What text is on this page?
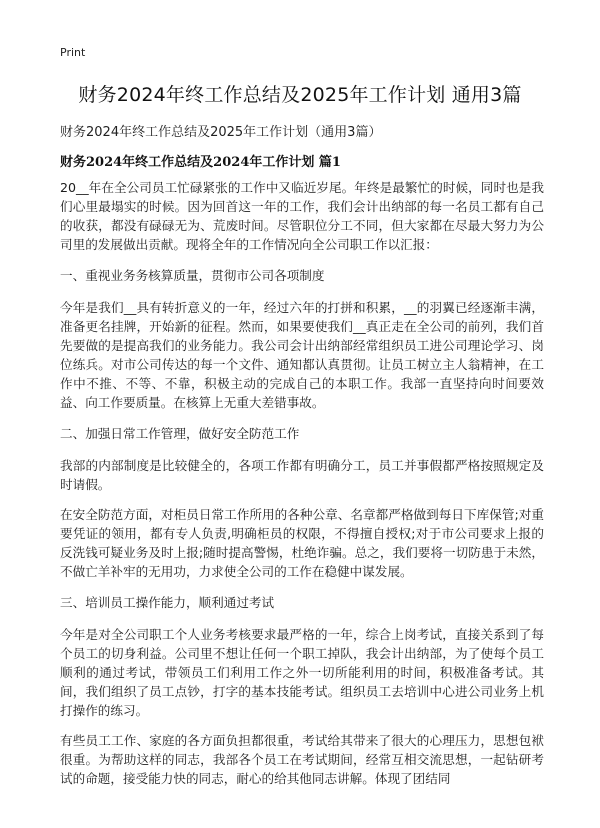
Print
财务2024年终工作总结及2025年工作计划 通用3篇
财务2024年终工作总结及2025年工作计划（通用3篇）
财务2024年终工作总结及2024年工作计划 篇1

20__年在全公司员工忙碌紧张的工作中又临近岁尾。年终是最繁忙的时候，同时也是我们心里最塌实的时候。因为回首这一年的工作，我们会计出纳部的每一名员工都有自己的收获，都没有碌碌无为、荒废时间。尽管职位分工不同，但大家都在尽最大努力为公司里的发展做出贡献。现将全年的工作情况向全公司职工作以汇报：

一、重视业务务核算质量，贯彻市公司各项制度

今年是我们__具有转折意义的一年，经过六年的打拼和积累，__的羽翼已经逐渐丰满，准备更名挂牌，开始新的征程。然而，如果要使我们__真正走在全公司的前列，我们首先要做的是提高我们的业务能力。我公司会计出纳部经常组织员工进公司理论学习、岗位练兵。对市公司传达的每一个文件、通知都认真贯彻。让员工树立主人翁精神，在工作中不推、不等、不靠，积极主动的完成自己的本职工作。我部一直坚持向时间要效益、向工作要质量。在核算上无重大差错事故。

二、加强日常工作管理，做好安全防范工作

我部的内部制度是比较健全的，各项工作都有明确分工，员工并事假都严格按照规定及时请假。

在安全防范方面，对柜员日常工作所用的各种公章、名章都严格做到每日下库保管;对重要凭证的领用，都有专人负责,明确柜员的权限，不得擅自授权;对于市公司要求上报的反洗钱可疑业务及时上报;随时提高警惕，杜绝诈骗。总之，我们要将一切防患于未然，不做亡羊补牢的无用功，力求使全公司的工作在稳健中谋发展。

三、培训员工操作能力，顺利通过考试

今年是对全公司职工个人业务考核要求最严格的一年，综合上岗考试，直接关系到了每个员工的切身利益。公司里不想让任何一个职工掉队，我会计出纳部，为了使每个员工顺利的通过考试，带领员工们利用工作之外一切所能利用的时间，积极准备考试。其间，我们组织了员工点钞，打字的基本技能考试。组织员工去培训中心进公司业务上机打操作的练习。

有些员工工作、家庭的各方面负担都很重，考试给其带来了很大的心理压力，思想包袱很重。为帮助这样的同志，我部各个员工在考试期间，经常互相交流思想，一起钻研考试的命题，接受能力快的同志，耐心的给其他同志讲解。体现了团结同
